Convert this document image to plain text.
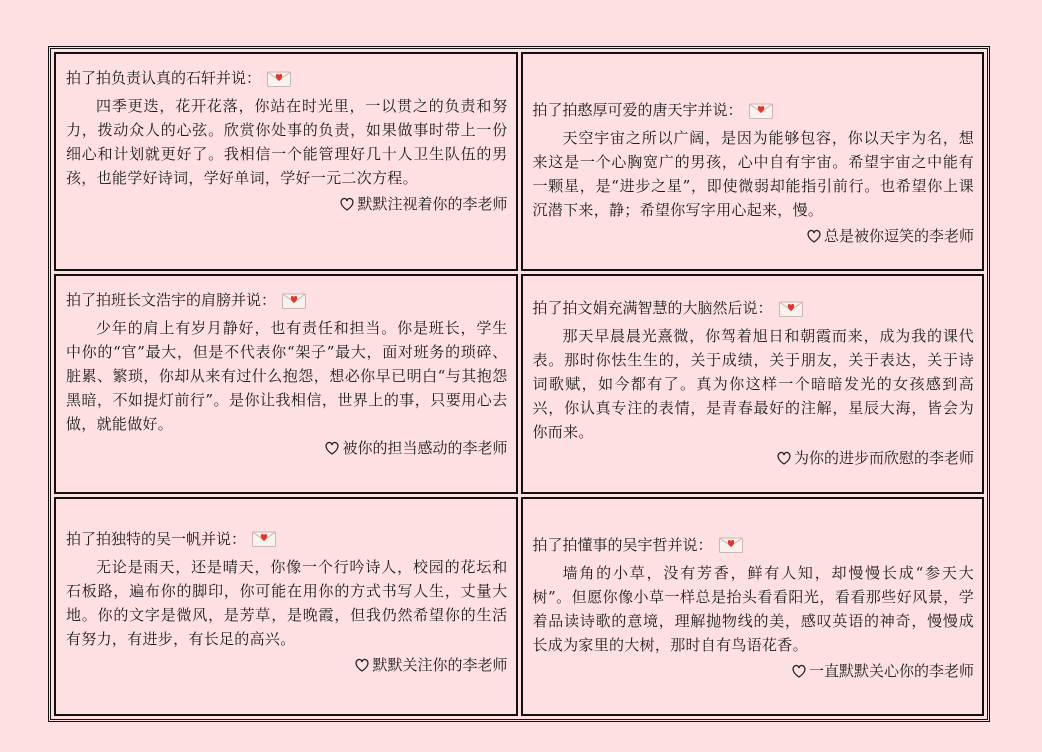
拍了拍负责认真的石轩并说：

四季更迭，花开花落，你站在时光里，一以贯之的负责和努力，拨动众人的心弦。欣赏你处事的负责，如果做事时带上一份细心和计划就更好了。我相信一个能管理好几十人卫生队伍的男孩，也能学好诗词，学好单词，学好一元二次方程。

默默注视着你的李老师
拍了拍憨厚可爱的唐天宇并说：

天空宇宙之所以广阔，是因为能够包容，你以天宇为名，想来这是一个心胸宽广的男孩，心中自有宇宙。希望宇宙之中能有一颗星，是“进步之星”，即使微弱却能指引前行。也希望你上课沉潜下来，静；希望你写字用心起来，慢。

总是被你逗笑的李老师
拍了拍班长文浩宇的肩膀并说：

少年的肩上有岁月静好，也有责任和担当。你是班长，学生中你的“官”最大，但是不代表你“架子”最大，面对班务的琐碎、脏累、繁琐，你却从来有过什么抱怨，想必你早已明白“与其抱怨黑暗，不如提灯前行”。是你让我相信，世界上的事，只要用心去做，就能做好。

被你的担当感动的李老师
拍了拍文娟充满智慧的大脑然后说：

那天早晨晨光熹微，你驾着旭日和朝霞而来，成为我的课代表。那时你怯生生的，关于成绩，关于朋友，关于表达，关于诗词歌赋，如今都有了。真为你这样一个暗暗发光的女孩感到高兴，你认真专注的表情，是青春最好的注解，星辰大海，皆会为你而来。

为你的进步而欣慰的李老师
拍了拍独特的吴一帆并说：

无论是雨天，还是晴天，你像一个行吟诗人，校园的花坛和石板路，遍布你的脚印，你可能在用你的方式书写人生，丈量大地。你的文字是微风，是芳草，是晚霞，但我仍然希望你的生活有努力，有进步，有长足的高兴。

默默关注你的李老师
拍了拍懂事的吴宇哲并说：

墙角的小草，没有芳香，鲜有人知，却慢慢长成“参天大树”。但愿你像小草一样总是抬头看看阳光，看看那些好风景，学着品读诗歌的意境，理解抛物线的美，感叹英语的神奇，慢慢成长成为家里的大树，那时自有鸟语花香。

一直默默关心你的李老师
